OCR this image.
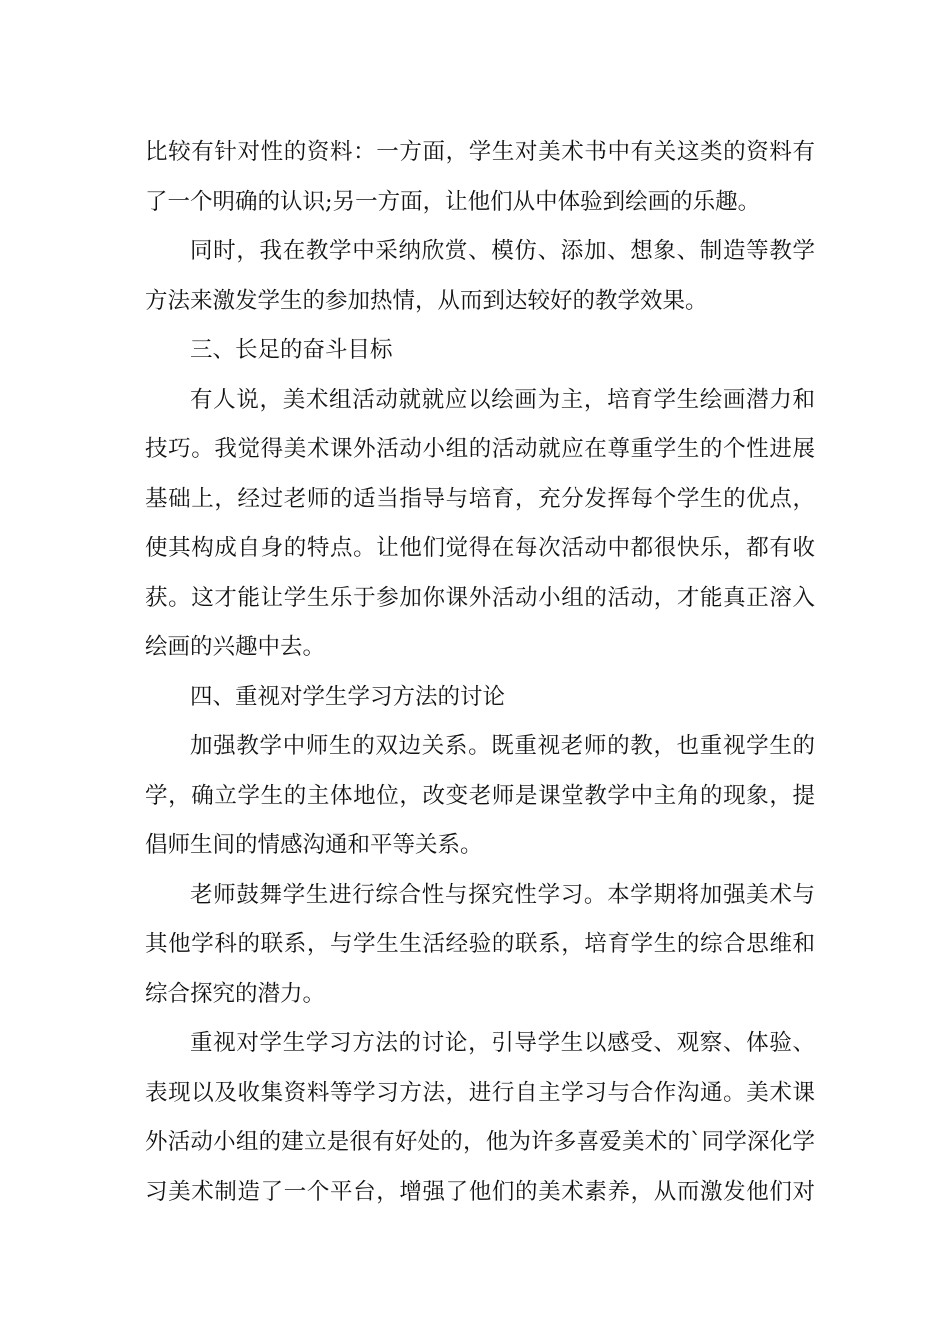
比较有针对性的资料：一方面，学生对美术书中有关这类的资料有

了一个明确的认识;另一方面，让他们从中体验到绘画的乐趣。

同时，我在教学中采纳欣赏、模仿、添加、想象、制造等教学

方法来激发学生的参加热情，从而到达较好的教学效果。

三、长足的奋斗目标

有人说，美术组活动就就应以绘画为主，培育学生绘画潜力和

技巧。我觉得美术课外活动小组的活动就应在尊重学生的个性进展

基础上，经过老师的适当指导与培育，充分发挥每个学生的优点，

使其构成自身的特点。让他们觉得在每次活动中都很快乐，都有收

获。这才能让学生乐于参加你课外活动小组的活动，才能真正溶入

绘画的兴趣中去。

四、重视对学生学习方法的讨论

加强教学中师生的双边关系。既重视老师的教，也重视学生的

学，确立学生的主体地位，改变老师是课堂教学中主角的现象，提

倡师生间的情感沟通和平等关系。

老师鼓舞学生进行综合性与探究性学习。本学期将加强美术与

其他学科的联系，与学生生活经验的联系，培育学生的综合思维和

综合探究的潜力。

重视对学生学习方法的讨论，引导学生以感受、观察、体验、

表现以及收集资料等学习方法，进行自主学习与合作沟通。美术课

外活动小组的建立是很有好处的，他为许多喜爱美术的`同学深化学

习美术制造了一个平台，增强了他们的美术素养，从而激发他们对
